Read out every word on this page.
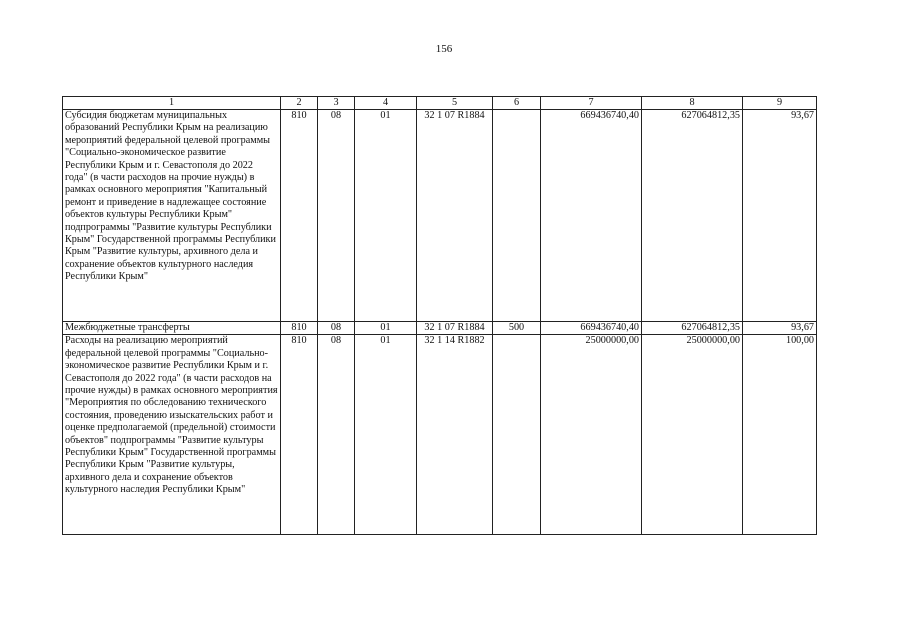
156
1	2	3	4	5	6	7	8	9
Субсидия бюджетам муниципальных образований Республики Крым на реализацию мероприятий федеральной целевой программы "Социально-экономическое развитие Республики Крым и г. Севастополя до 2022 года" (в части расходов на прочие нужды) в рамках основного мероприятия "Капитальный ремонт и приведение в надлежащее состояние объектов культуры Республики Крым" подпрограммы "Развитие культуры Республики Крым" Государственной программы Республики Крым "Развитие культуры, архивного дела и сохранение объектов культурного наследия Республики Крым"	810	08	01	32 1 07 R1884		669436740,40	627064812,35	93,67
Межбюджетные трансферты	810	08	01	32 1 07 R1884	500	669436740,40	627064812,35	93,67
Расходы на реализацию мероприятий федеральной целевой программы "Социально-экономическое развитие Республики Крым и г. Севастополя до 2022 года" (в части расходов на прочие нужды) в рамках основного мероприятия "Мероприятия по обследованию технического состояния, проведению изыскательских работ и оценке предполагаемой (предельной) стоимости объектов" подпрограммы "Развитие культуры Республики Крым" Государственной программы Республики Крым "Развитие культуры, архивного дела и сохранение объектов культурного наследия Республики Крым"	810	08	01	32 1 14 R1882		25000000,00	25000000,00	100,00
